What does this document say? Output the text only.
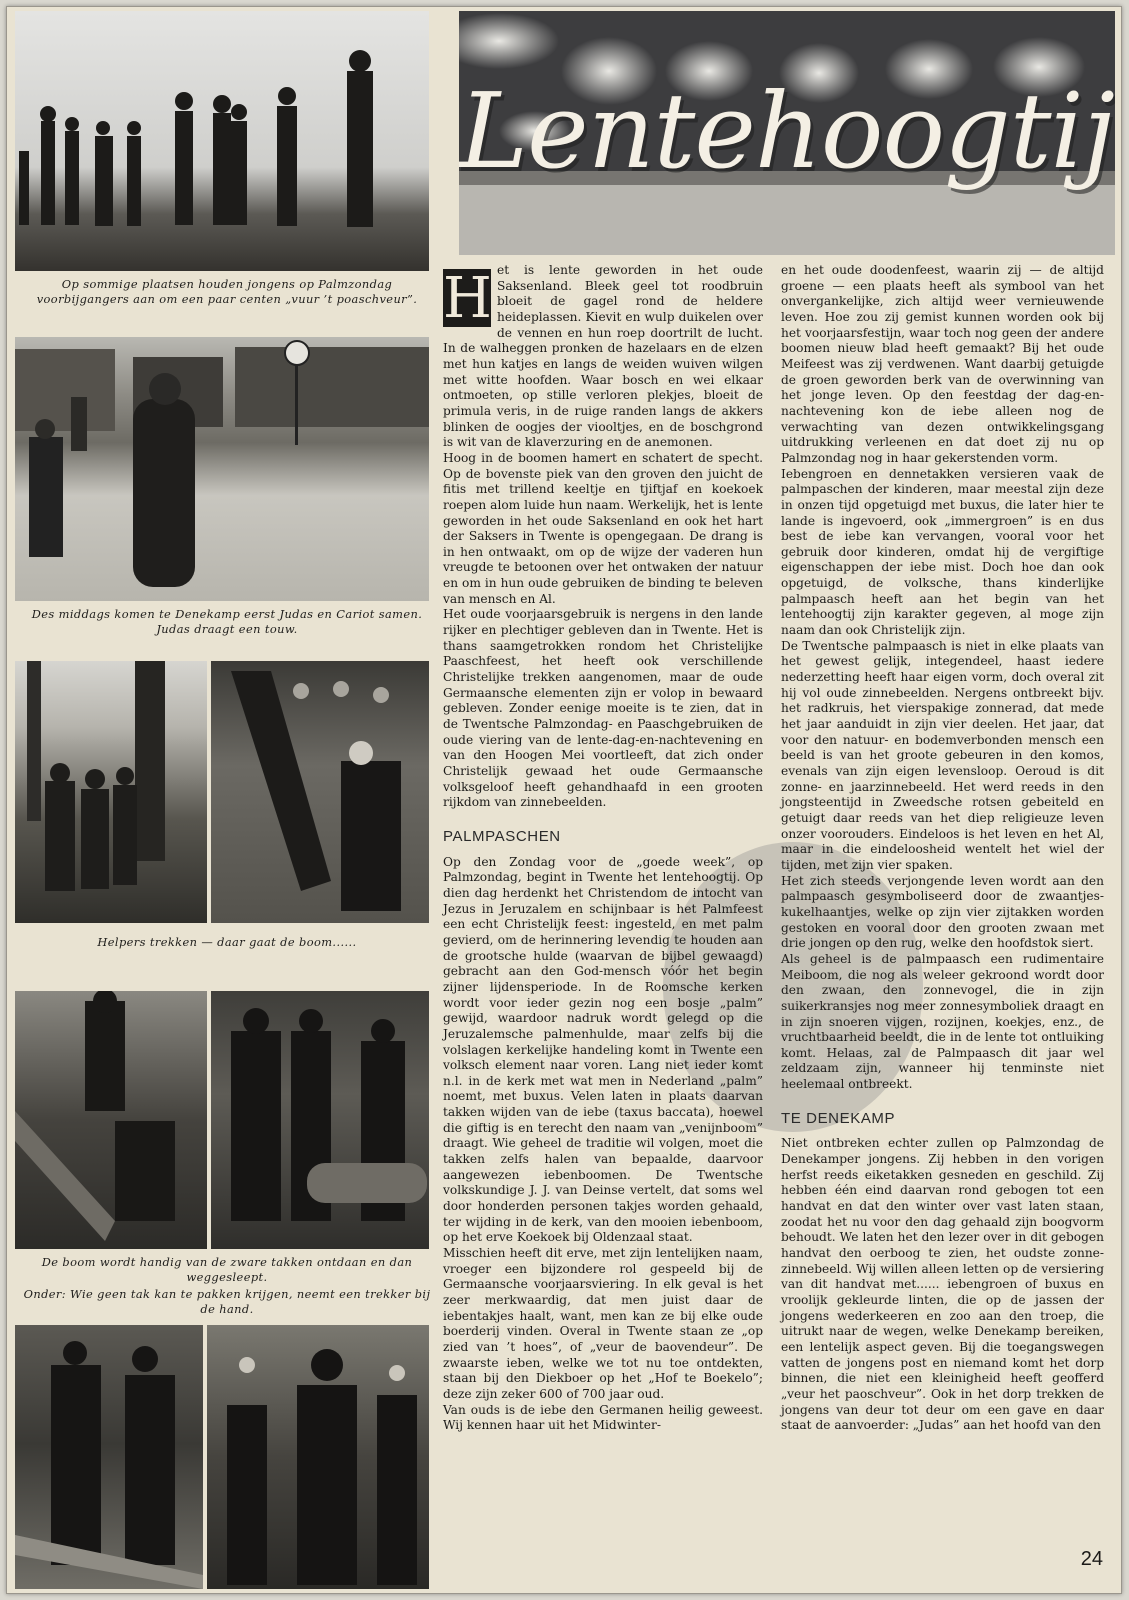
Op sommige plaatsen houden jongens op Palmzondag voorbijgangers aan om een paar centen „vuur ’t poaschveur”.
Des middags komen te Denekamp eerst Judas en Cariot samen. Judas draagt een touw.
Helpers trekken — daar gaat de boom......
De boom wordt handig van de zware takken ontdaan en dan weggesleept.
Onder: Wie geen tak kan te pakken krijgen, neemt een trekker bij de hand.
Lentehoogtij
H et is lente geworden in het oude Saksenland. Bleek geel tot roodbruin bloeit de gagel rond de heldere heideplassen. Kievit en wulp duikelen over de vennen en hun roep doortrilt de lucht. In de walheggen pronken de hazelaars en de elzen met hun katjes en langs de weiden wuiven wilgen met witte hoofden. Waar bosch en wei elkaar ontmoeten, op stille verloren plekjes, bloeit de primula veris, in de ruige randen langs de akkers blinken de oogjes der viooltjes, en de boschgrond is wit van de klaverzuring en de anemonen.

Hoog in de boomen hamert en schatert de specht. Op de bovenste piek van den groven den juicht de fitis met trillend keeltje en tjiftjaf en koekoek roepen alom luide hun naam. Werkelijk, het is lente geworden in het oude Saksenland en ook het hart der Saksers in Twente is opengegaan. De drang is in hen ontwaakt, om op de wijze der vaderen hun vreugde te betoonen over het ontwaken der natuur en om in hun oude gebruiken de binding te beleven van mensch en Al.

Het oude voorjaarsgebruik is nergens in den lande rijker en plechtiger gebleven dan in Twente. Het is thans saamgetrokken rondom het Christelijke Paaschfeest, het heeft ook verschillende Christelijke trekken aangenomen, maar de oude Germaansche elementen zijn er volop in bewaard gebleven. Zonder eenige moeite is te zien, dat in de Twentsche Palmzondag- en Paaschgebruiken de oude viering van de lente-dag-en-nachtevening en van den Hoogen Mei voortleeft, dat zich onder Christelijk gewaad het oude Germaansche volksgeloof heeft gehandhaafd in een grooten rijkdom van zinnebeelden.

PALMPASCHEN

Op den Zondag voor de „goede week”, op Palmzondag, begint in Twente het lentehoogtij. Op dien dag herdenkt het Christendom de intocht van Jezus in Jeruzalem en schijnbaar is het Palmfeest een echt Christelijk feest: ingesteld, en met palm gevierd, om de herinnering levendig te houden aan de grootsche hulde (waarvan de bijbel gewaagd) gebracht aan den God-mensch vóór het begin zijner lijdensperiode. In de Roomsche kerken wordt voor ieder gezin nog een bosje „palm” gewijd, waardoor nadruk wordt gelegd op die Jeruzalemsche palmenhulde, maar zelfs bij die volslagen kerkelijke handeling komt in Twente een volksch element naar voren. Lang niet ieder komt n.l. in de kerk met wat men in Nederland „palm” noemt, met buxus. Velen laten in plaats daarvan takken wijden van de iebe (taxus baccata), hoewel die giftig is en terecht den naam van „venijnboom” draagt. Wie geheel de traditie wil volgen, moet die takken zelfs halen van bepaalde, daarvoor aangewezen iebenboomen. De Twentsche volkskundige J. J. van Deinse vertelt, dat soms wel door honderden personen takjes worden gehaald, ter wijding in de kerk, van den mooien iebenboom, op het erve Koekoek bij Oldenzaal staat.

Misschien heeft dit erve, met zijn lentelijken naam, vroeger een bijzondere rol gespeeld bij de Germaansche voorjaarsviering. In elk geval is het zeer merkwaardig, dat men juist daar de iebentakjes haalt, want, men kan ze bij elke oude boerderij vinden. Overal in Twente staan ze „op zied van ’t hoes”, of „veur de baovendeur”. De zwaarste ieben, welke we tot nu toe ontdekten, staan bij den Diekboer op het „Hof te Boekelo”; deze zijn zeker 600 of 700 jaar oud.

Van ouds is de iebe den Germanen heilig geweest. Wij kennen haar uit het Midwinter-

en het oude doodenfeest, waarin zij — de altijd groene — een plaats heeft als symbool van het onvergankelijke, zich altijd weer vernieuwende leven. Hoe zou zij gemist kunnen worden ook bij het voorjaarsfestijn, waar toch nog geen der andere boomen nieuw blad heeft gemaakt? Bij het oude Meifeest was zij verdwenen. Want daarbij getuigde de groen geworden berk van de overwinning van het jonge leven. Op den feestdag der dag-en-nachtevening kon de iebe alleen nog de verwachting van dezen ontwikkelingsgang uitdrukking verleenen en dat doet zij nu op Palmzondag nog in haar gekerstenden vorm.

Iebengroen en dennetakken versieren vaak de palmpaschen der kinderen, maar meestal zijn deze in onzen tijd opgetuigd met buxus, die later hier te lande is ingevoerd, ook „immergroen” is en dus best de iebe kan vervangen, vooral voor het gebruik door kinderen, omdat hij de vergiftige eigenschappen der iebe mist. Doch hoe dan ook opgetuigd, de volksche, thans kinderlijke palmpaasch heeft aan het begin van het lentehoogtij zijn karakter gegeven, al moge zijn naam dan ook Christelijk zijn.

De Twentsche palmpaasch is niet in elke plaats van het gewest gelijk, integendeel, haast iedere nederzetting heeft haar eigen vorm, doch overal zit hij vol oude zinnebeelden. Nergens ontbreekt bijv. het radkruis, het vierspakige zonnerad, dat mede het jaar aanduidt in zijn vier deelen. Het jaar, dat voor den natuur- en bodemverbonden mensch een beeld is van het groote gebeuren in den komos, evenals van zijn eigen levensloop. Oeroud is dit zonne- en jaarzinnebeeld. Het werd reeds in den jongsteentijd in Zweedsche rotsen gebeiteld en getuigt daar reeds van het diep religieuze leven onzer voorouders. Eindeloos is het leven en het Al, maar in die eindeloosheid wentelt het wiel der tijden, met zijn vier spaken.

Het zich steeds verjongende leven wordt aan den palmpaasch gesymboliseerd door de zwaantjes-kukelhaantjes, welke op zijn vier zijtakken worden gestoken en vooral door den grooten zwaan met drie jongen op den rug, welke den hoofdstok siert.

Als geheel is de palmpaasch een rudimentaire Meiboom, die nog als weleer gekroond wordt door den zwaan, den zonnevogel, die in zijn suikerkransjes nog meer zonnesymboliek draagt en in zijn snoeren vijgen, rozijnen, koekjes, enz., de vruchtbaarheid beeldt, die in de lente tot ontluiking komt. Helaas, zal de Palmpaasch dit jaar wel zeldzaam zijn, wanneer hij tenminste niet heelemaal ontbreekt.

TE DENEKAMP

Niet ontbreken echter zullen op Palmzondag de Denekamper jongens. Zij hebben in den vorigen herfst reeds eiketakken gesneden en geschild. Zij hebben één eind daarvan rond gebogen tot een handvat en dat den winter over vast laten staan, zoodat het nu voor den dag gehaald zijn boogvorm behoudt. We laten het den lezer over in dit gebogen handvat den oerboog te zien, het oudste zonne-zinnebeeld. Wij willen alleen letten op de versiering van dit handvat met...... iebengroen of buxus en vroolijk gekleurde linten, die op de jassen der jongens wederkeeren en zoo aan den troep, die uitrukt naar de wegen, welke Denekamp bereiken, een lentelijk aspect geven. Bij die toegangswegen vatten de jongens post en niemand komt het dorp binnen, die niet een kleinigheid heeft geofferd „veur het paoschveur”. Ook in het dorp trekken de jongens van deur tot deur om een gave en daar staat de aanvoerder: „Judas” aan het hoofd van den

24
